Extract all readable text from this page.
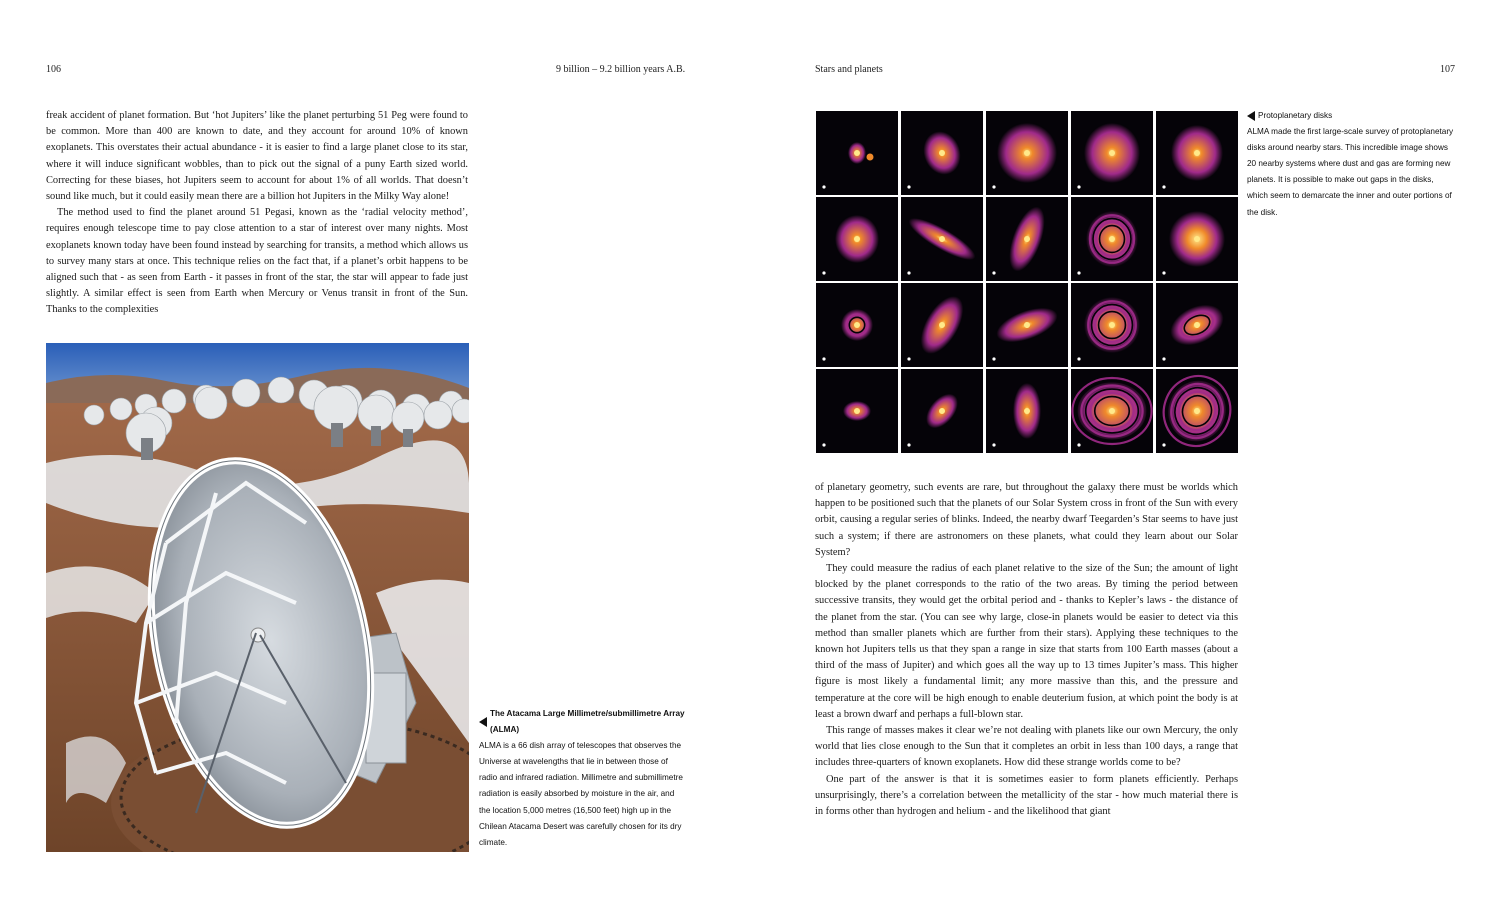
106	9 billion – 9.2 billion years A.B.

freak accident of planet formation. But ‘hot Jupiters’ like the planet perturbing 51 Peg were found to be common. More than 400 are known to date, and they account for around 10% of known exoplanets. This overstates their actual abundance - it is easier to find a large planet close to its star, where it will induce significant wobbles, than to pick out the signal of a puny Earth sized world. Correcting for these biases, hot Jupiters seem to account for about 1% of all worlds. That doesn’t sound like much, but it could easily mean there are a billion hot Jupiters in the Milky Way alone!

The method used to find the planet around 51 Pegasi, known as the ‘radial velocity method’, requires enough telescope time to pay close attention to a star of interest over many nights. Most exoplanets known today have been found instead by searching for transits, a method which allows us to survey many stars at once. This technique relies on the fact that, if a planet’s orbit happens to be aligned such that - as seen from Earth - it passes in front of the star, the star will appear to fade just slightly. A similar effect is seen from Earth when Mercury or Venus transit in front of the Sun. Thanks to the complexities

The Atacama Large Millimetre/submillimetre Array (ALMA)
ALMA is a 66 dish array of telescopes that observes the Universe at wavelengths that lie in between those of radio and infrared radiation. Millimetre and submillimetre radiation is easily absorbed by moisture in the air, and the location 5,000 metres (16,500 feet) high up in the Chilean Atacama Desert was carefully chosen for its dry climate.
Stars and planets	107
Protoplanetary disks
ALMA made the first large-scale survey of protoplanetary disks around nearby stars. This incredible image shows 20 nearby systems where dust and gas are forming new planets. It is possible to make out gaps in the disks, which seem to demarcate the inner and outer portions of the disk.

of planetary geometry, such events are rare, but throughout the galaxy there must be worlds which happen to be positioned such that the planets of our Solar System cross in front of the Sun with every orbit, causing a regular series of blinks. Indeed, the nearby dwarf Teegarden’s Star seems to have just such a system; if there are astronomers on these planets, what could they learn about our Solar System?

They could measure the radius of each planet relative to the size of the Sun; the amount of light blocked by the planet corresponds to the ratio of the two areas. By timing the period between successive transits, they would get the orbital period and - thanks to Kepler’s laws - the distance of the planet from the star. (You can see why large, close-in planets would be easier to detect via this method than smaller planets which are further from their stars). Applying these techniques to the known hot Jupiters tells us that they span a range in size that starts from 100 Earth masses (about a third of the mass of Jupiter) and which goes all the way up to 13 times Jupiter’s mass. This higher figure is most likely a fundamental limit; any more massive than this, and the pressure and temperature at the core will be high enough to enable deuterium fusion, at which point the body is at least a brown dwarf and perhaps a full-blown star.

This range of masses makes it clear we’re not dealing with planets like our own Mercury, the only world that lies close enough to the Sun that it completes an orbit in less than 100 days, a range that includes three-quarters of known exoplanets. How did these strange worlds come to be?

One part of the answer is that it is sometimes easier to form planets efficiently. Perhaps unsurprisingly, there’s a correlation between the metallicity of the star - how much material there is in forms other than hydrogen and helium - and the likelihood that giant
